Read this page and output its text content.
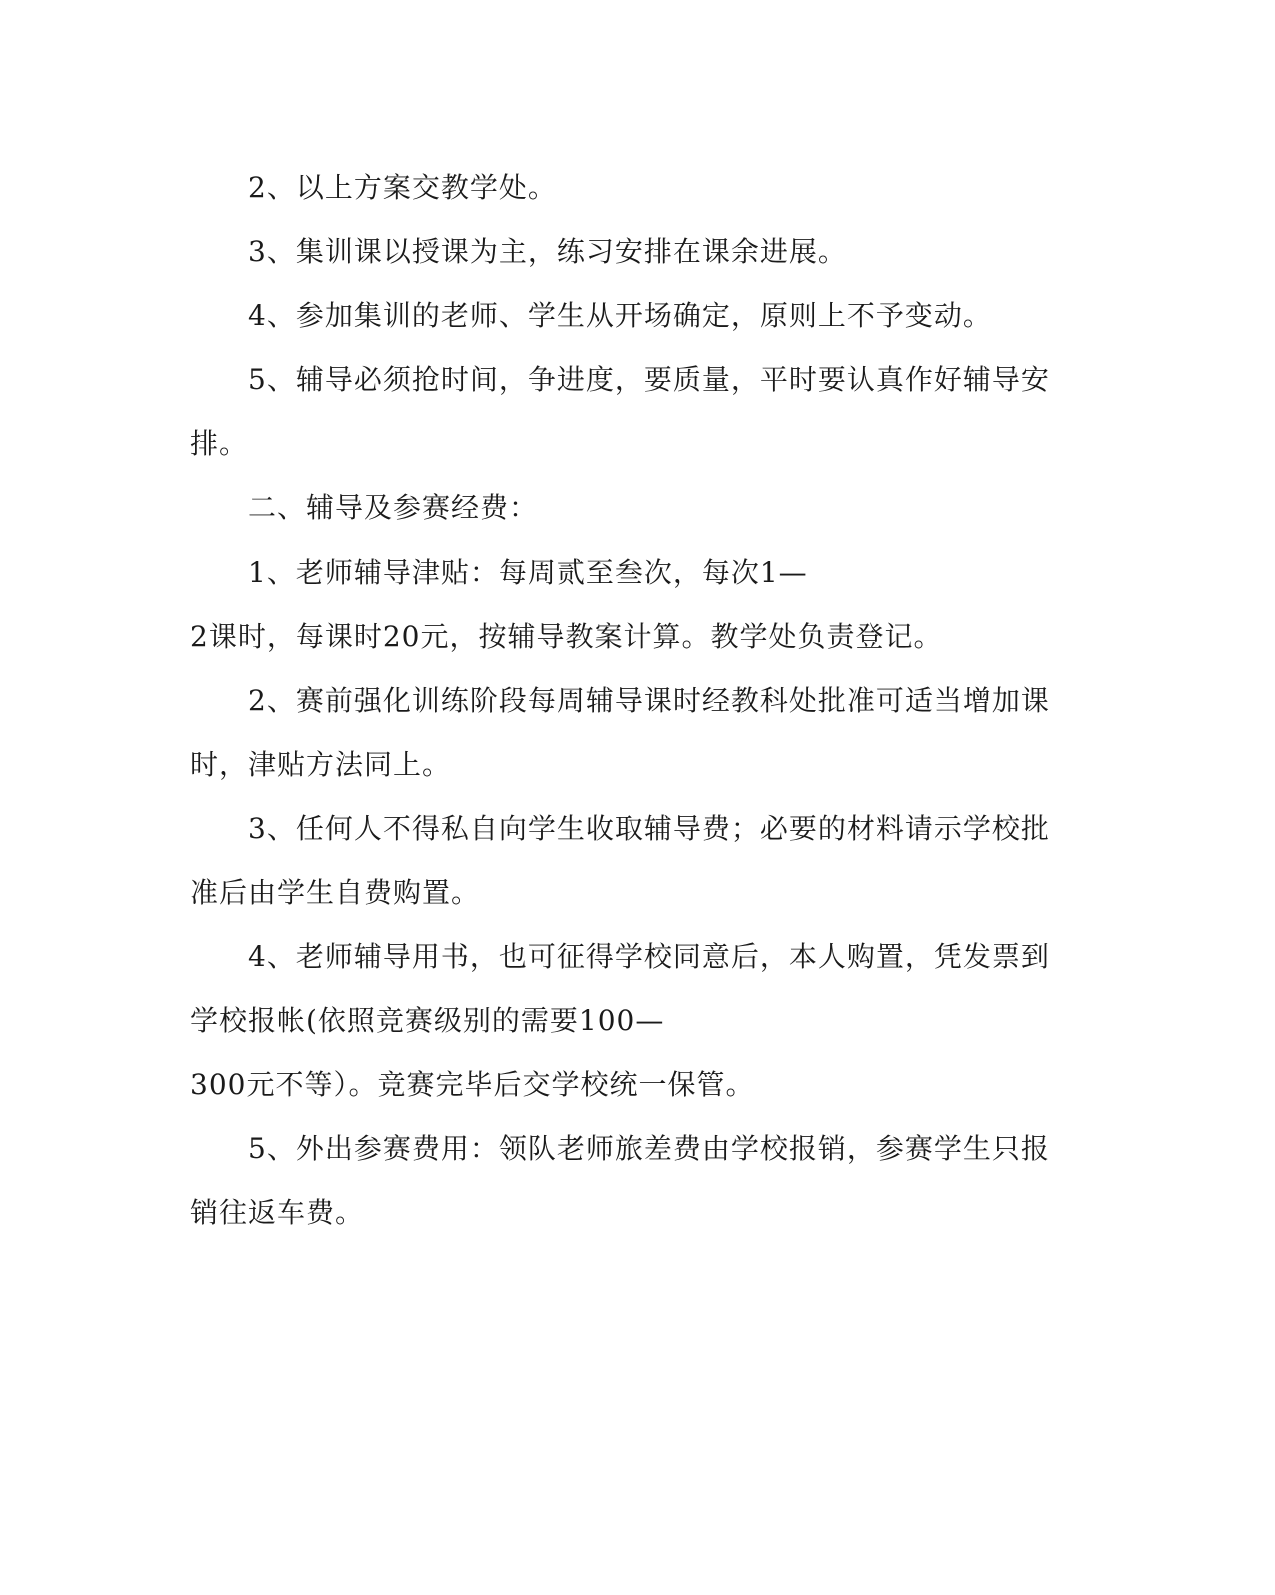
2、以上方案交教学处。
3、集训课以授课为主，练习安排在课余进展。
4、参加集训的老师、学生从开场确定，原则上不予变动。
5、辅导必须抢时间，争进度，要质量，平时要认真作好辅导安
排。
二、辅导及参赛经费：
1、老师辅导津贴：每周贰至叁次，每次1—
2课时，每课时20元，按辅导教案计算。教学处负责登记。
2、赛前强化训练阶段每周辅导课时经教科处批准可适当增加课
时，津贴方法同上。
3、任何人不得私自向学生收取辅导费；必要的材料请示学校批
准后由学生自费购置。
4、老师辅导用书，也可征得学校同意后，本人购置，凭发票到
学校报帐(依照竞赛级别的需要100—
300元不等）。竞赛完毕后交学校统一保管。
5、外出参赛费用：领队老师旅差费由学校报销，参赛学生只报
销往返车费。
